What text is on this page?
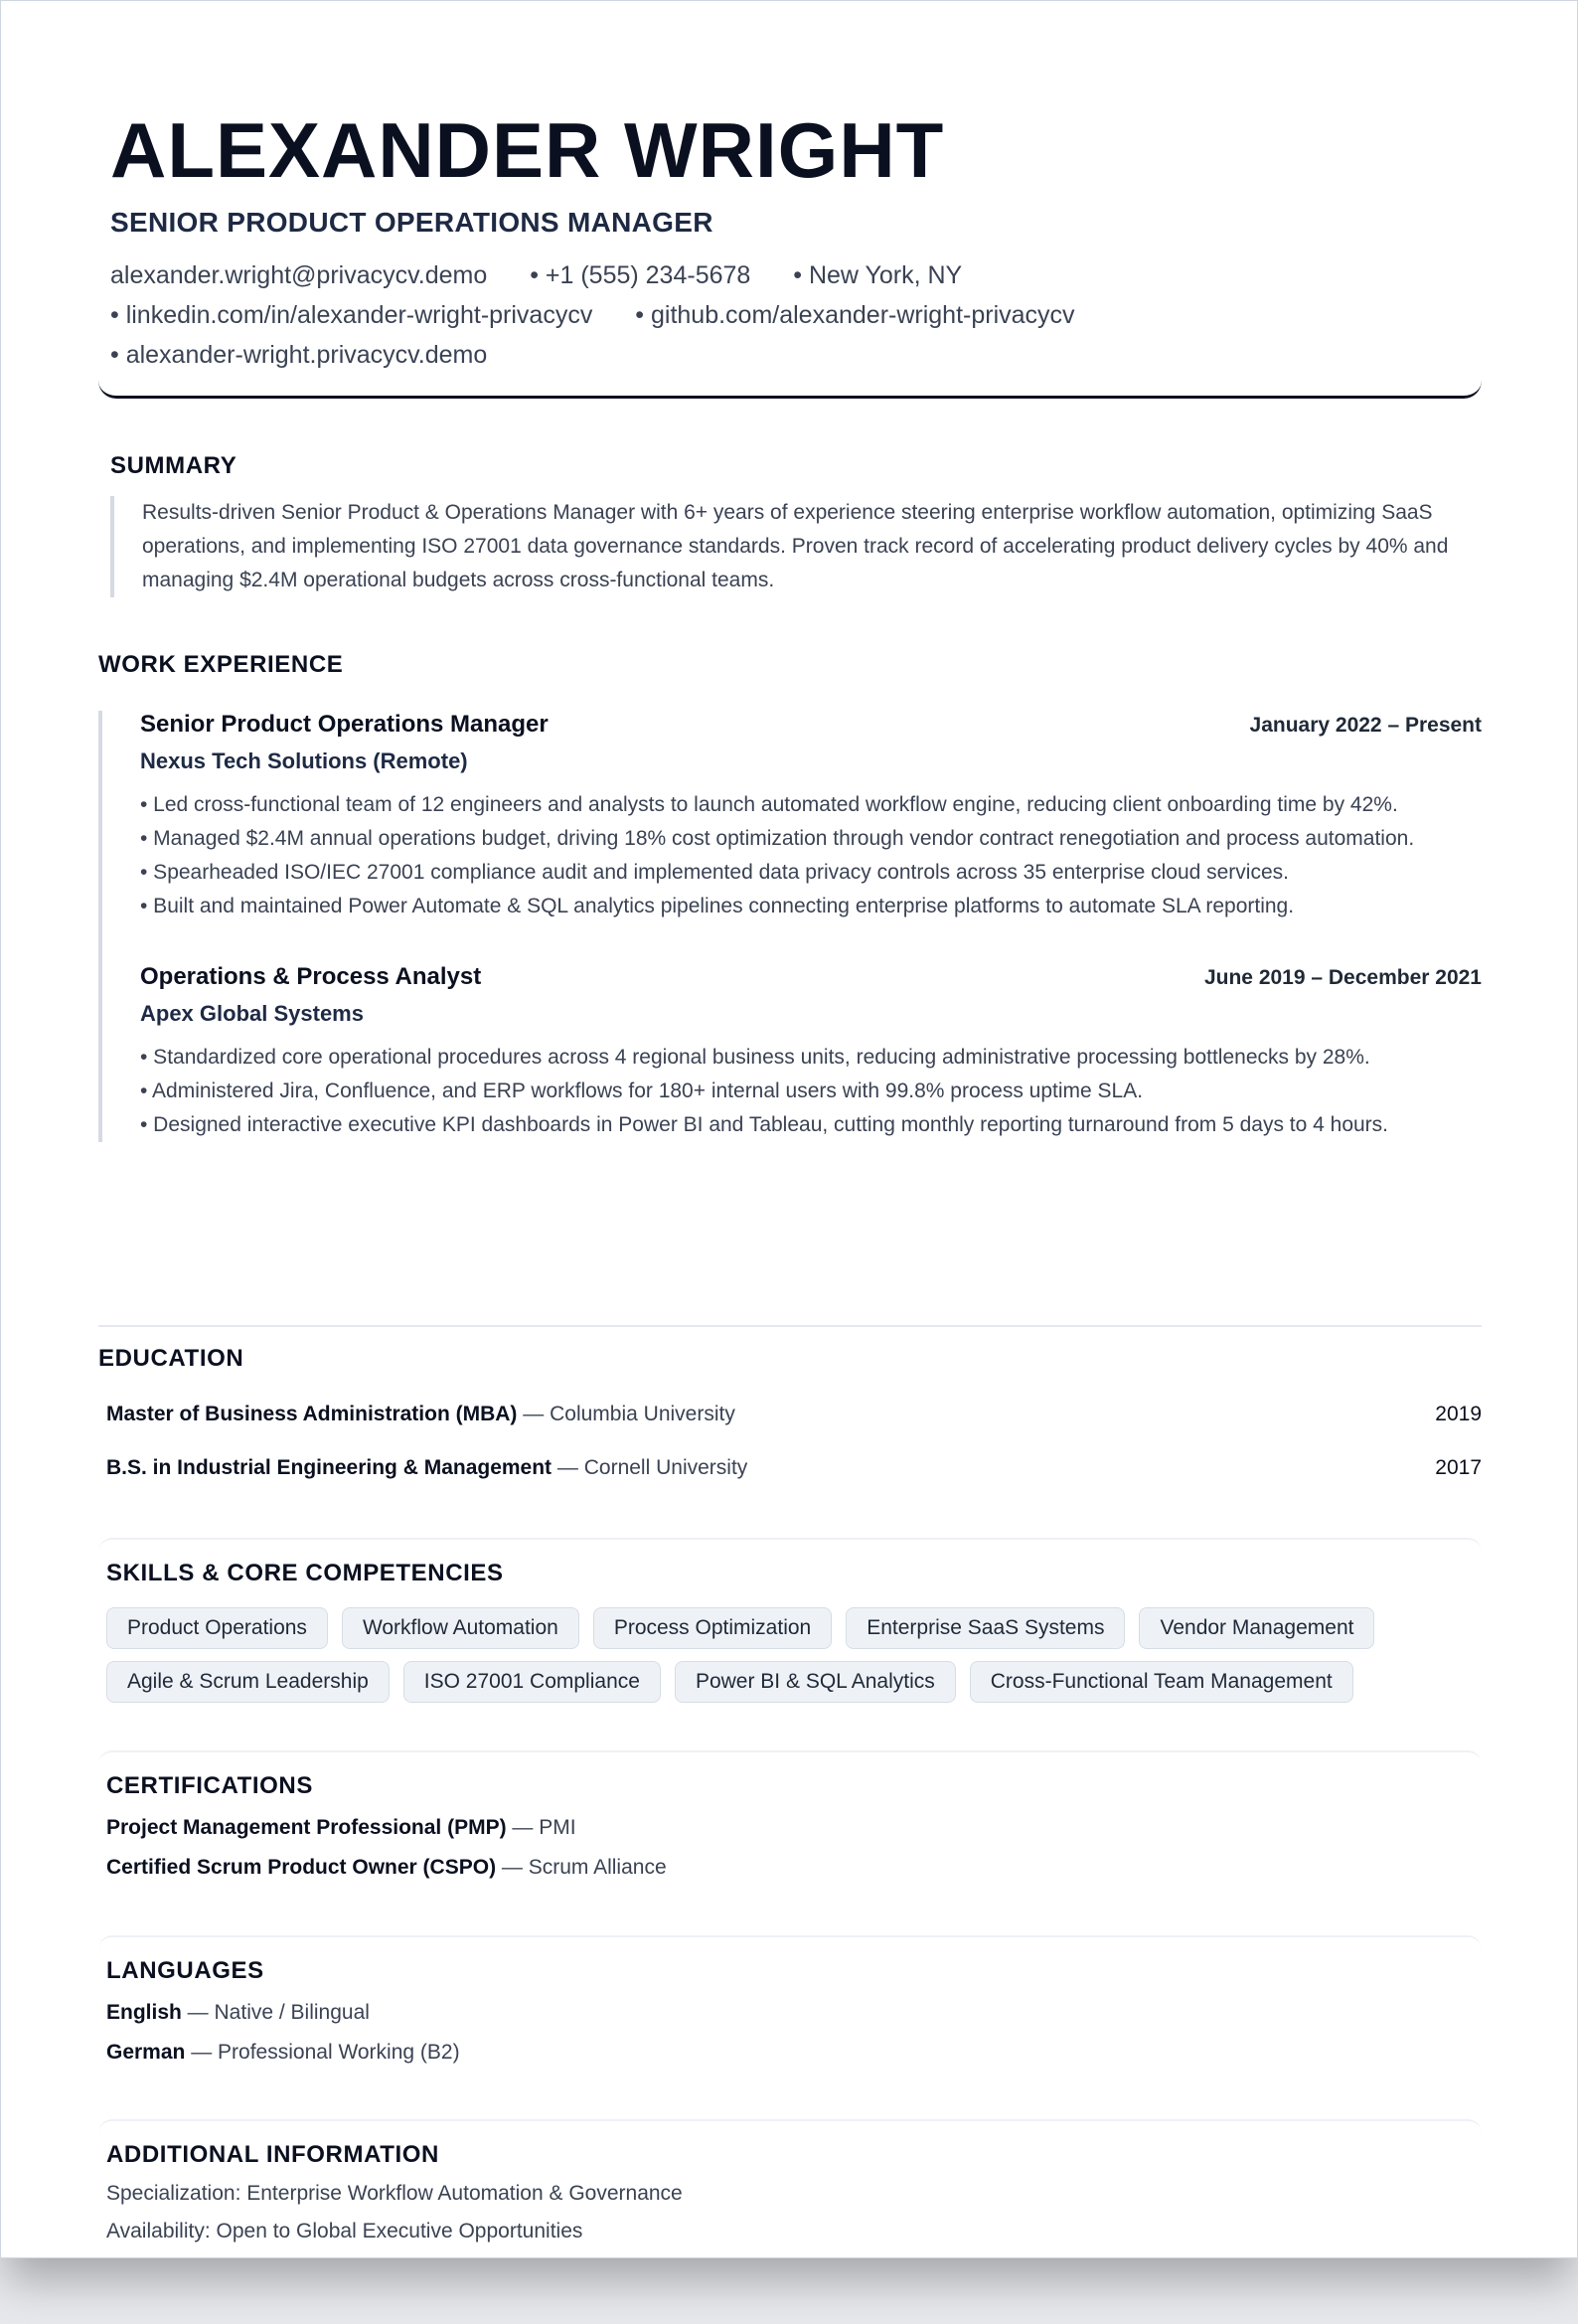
ALEXANDER WRIGHT
SENIOR PRODUCT OPERATIONS MANAGER
alexander.wright@privacycv.demo • +1 (555) 234-5678 • New York, NY
• linkedin.com/in/alexander-wright-privacycv • github.com/alexander-wright-privacycv
• alexander-wright.privacycv.demo
SUMMARY
Results-driven Senior Product & Operations Manager with 6+ years of experience steering enterprise workflow automation, optimizing SaaS operations, and implementing ISO 27001 data governance standards. Proven track record of accelerating product delivery cycles by 40% and managing $2.4M operational budgets across cross-functional teams.
WORK EXPERIENCE
Senior Product Operations Manager	January 2022 – Present
Nexus Tech Solutions (Remote)
• Led cross-functional team of 12 engineers and analysts to launch automated workflow engine, reducing client onboarding time by 42%.
• Managed $2.4M annual operations budget, driving 18% cost optimization through vendor contract renegotiation and process automation.
• Spearheaded ISO/IEC 27001 compliance audit and implemented data privacy controls across 35 enterprise cloud services.
• Built and maintained Power Automate & SQL analytics pipelines connecting enterprise platforms to automate SLA reporting.
Operations & Process Analyst	June 2019 – December 2021
Apex Global Systems
• Standardized core operational procedures across 4 regional business units, reducing administrative processing bottlenecks by 28%.
• Administered Jira, Confluence, and ERP workflows for 180+ internal users with 99.8% process uptime SLA.
• Designed interactive executive KPI dashboards in Power BI and Tableau, cutting monthly reporting turnaround from 5 days to 4 hours.
EDUCATION
Master of Business Administration (MBA) — Columbia University	2019
B.S. in Industrial Engineering & Management — Cornell University	2017
SKILLS & CORE COMPETENCIES
Product Operations	Workflow Automation	Process Optimization	Enterprise SaaS Systems	Vendor Management
Agile & Scrum Leadership	ISO 27001 Compliance	Power BI & SQL Analytics	Cross-Functional Team Management
CERTIFICATIONS
Project Management Professional (PMP) — PMI
Certified Scrum Product Owner (CSPO) — Scrum Alliance
LANGUAGES
English — Native / Bilingual
German — Professional Working (B2)
ADDITIONAL INFORMATION
Specialization: Enterprise Workflow Automation & Governance
Availability: Open to Global Executive Opportunities
